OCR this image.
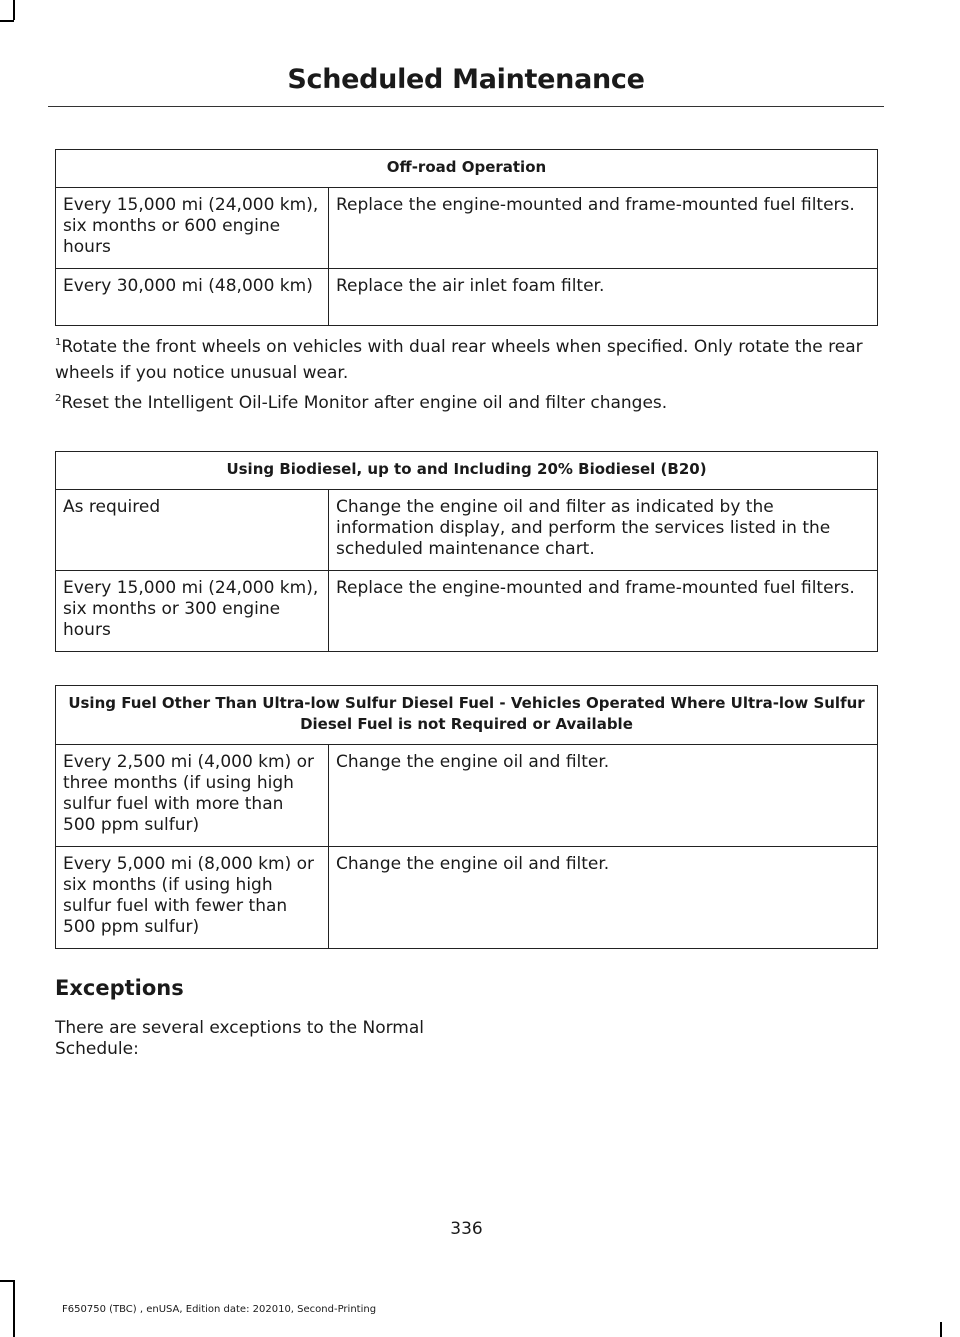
Scheduled Maintenance
Off-road Operation	
Every 15,000 mi (24,000 km), six months or 600 engine hours	Replace the engine-mounted and frame-mounted fuel filters.
Every 30,000 mi (48,000 km)	Replace the air inlet foam filter.
$^1$Rotate the front wheels on vehicles with dual rear wheels when specified. Only rotate the rear wheels if you notice unusual wear.
$^2$Reset the Intelligent Oil-Life Monitor after engine oil and filter changes.
Using Biodiesel, up to and Including 20% Biodiesel (B20)	
As required	Change the engine oil and filter as indicated by the information display, and perform the services listed in the scheduled maintenance chart.
Every 15,000 mi (24,000 km), six months or 300 engine hours	Replace the engine-mounted and frame-mounted fuel filters.
Using Fuel Other Than Ultra-low Sulfur Diesel Fuel - Vehicles Operated Where Ultra-low Sulfur Diesel Fuel is not Required or Available	
Every 2,500 mi (4,000 km) or three months (if using high sulfur fuel with more than 500 ppm sulfur)	Change the engine oil and filter.
Every 5,000 mi (8,000 km) or six months (if using high sulfur fuel with fewer than 500 ppm sulfur)	Change the engine oil and filter.
Exceptions
There are several exceptions to the Normal Schedule:
336
F650750 (TBC) , enUSA, Edition date: 202010, Second-Printing
